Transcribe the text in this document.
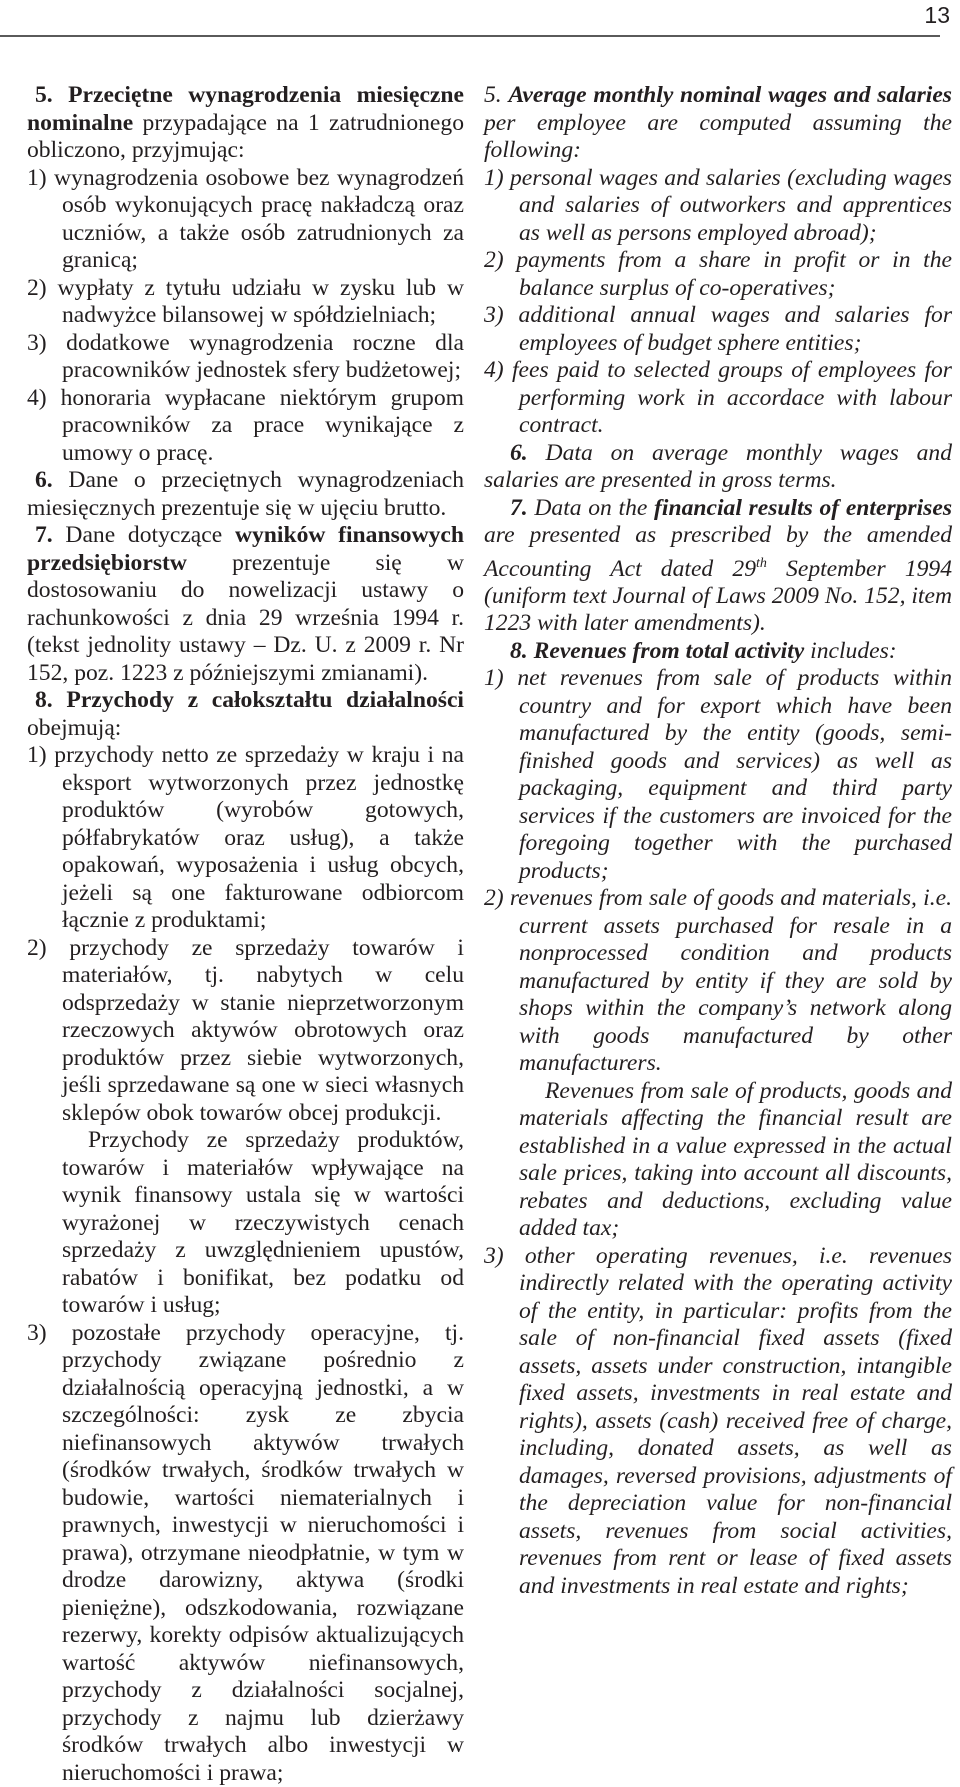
13

5. Przeciętne wynagrodzenia miesięczne nominalne przypadające na 1 zatrudnionego obliczono, przyjmując:

1) wynagrodzenia osobowe bez wynagrodzeń osób wykonujących pracę nakładczą oraz uczniów, a także osób zatrudnionych za granicą;

2) wypłaty z tytułu udziału w zysku lub w nadwyżce bilansowej w spółdzielniach;

3) dodatkowe wynagrodzenia roczne dla pracowników jednostek sfery budżetowej;

4) honoraria wypłacane niektórym grupom pracowników za prace wynikające z umowy o pracę.

6. Dane o przeciętnych wynagrodzeniach miesięcznych prezentuje się w ujęciu brutto.

7. Dane dotyczące wyników finansowych przedsiębiorstw prezentuje się w dostosowaniu do nowelizacji ustawy o rachunkowości z dnia 29 września 1994 r. (tekst jednolity ustawy – Dz. U. z 2009 r. Nr 152, poz. 1223 z późniejszymi zmianami).

8. Przychody z całokształtu działalności obejmują:

1) przychody netto ze sprzedaży w kraju i na eksport wytworzonych przez jednostkę produktów (wyrobów gotowych, półfabrykatów oraz usług), a także opakowań, wyposażenia i usług obcych, jeżeli są one fakturowane odbiorcom łącznie z produktami;

2) przychody ze sprzedaży towarów i materiałów, tj. nabytych w celu odsprzedaży w stanie nieprzetworzonym rzeczowych aktywów obrotowych oraz produktów przez siebie wytworzonych, jeśli sprzedawane są one w sieci własnych sklepów obok towarów obcej produkcji.

Przychody ze sprzedaży produktów, towarów i materiałów wpływające na wynik finansowy ustala się w wartości wyrażonej w rzeczywistych cenach sprzedaży z uwzględnieniem upustów, rabatów i bonifikat, bez podatku od towarów i usług;

3) pozostałe przychody operacyjne, tj. przychody związane pośrednio z działalnością operacyjną jednostki, a w szczególności: zysk ze zbycia niefinansowych aktywów trwałych (środków trwałych, środków trwałych w budowie, wartości niematerialnych i prawnych, inwestycji w nieruchomości i prawa), otrzymane nieodpłatnie, w tym w drodze darowizny, aktywa (środki pieniężne), odszkodowania, rozwiązane rezerwy, korekty odpisów aktualizujących wartość aktywów niefinansowych, przychody z działalności socjalnej, przychody z najmu lub dzierżawy środków trwałych albo inwestycji w nieruchomości i prawa;

5. Average monthly nominal wages and salaries per employee are computed assuming the following:

1) personal wages and salaries (excluding wages and salaries of outworkers and apprentices as well as persons employed abroad);

2) payments from a share in profit or in the balance surplus of co-operatives;

3) additional annual wages and salaries for employees of budget sphere entities;

4) fees paid to selected groups of employees for performing work in accordace with labour contract.

6. Data on average monthly wages and salaries are presented in gross terms.

7. Data on the financial results of enterprises are presented as prescribed by the amended Accounting Act dated 29th September 1994 (uniform text Journal of Laws 2009 No. 152, item 1223 with later amendments).

8. Revenues from total activity includes:

1) net revenues from sale of products within country and for export which have been manufactured by the entity (goods, semi-finished goods and services) as well as packaging, equipment and third party services if the customers are invoiced for the foregoing together with the purchased products;

2) revenues from sale of goods and materials, i.e. current assets purchased for resale in a nonprocessed condition and products manufactured by entity if they are sold by shops within the company’s network along with goods manufactured by other manufacturers.

Revenues from sale of products, goods and materials affecting the financial result are established in a value expressed in the actual sale prices, taking into account all discounts, rebates and deductions, excluding value added tax;

3) other operating revenues, i.e. revenues indirectly related with the operating activity of the entity, in particular: profits from the sale of non-financial fixed assets (fixed assets, assets under construction, intangible fixed assets, investments in real estate and rights), assets (cash) received free of charge, including, donated assets, as well as damages, reversed provisions, adjustments of the depreciation value for non-financial assets, revenues from social activities, revenues from rent or lease of fixed assets and investments in real estate and rights;
